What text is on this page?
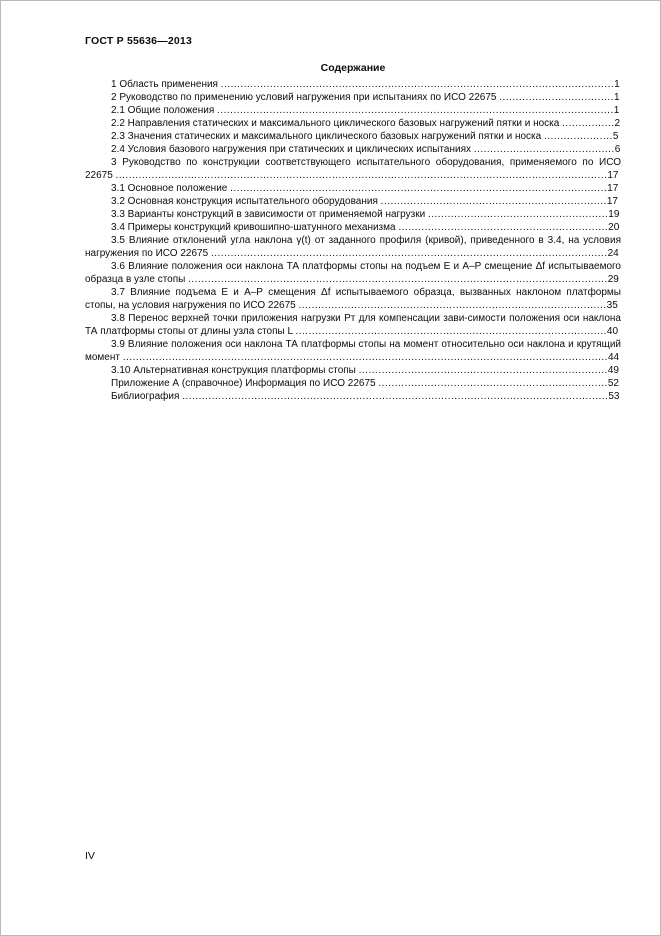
ГОСТ Р 55636—2013
Содержание
1 Область применения ........................................................................................................................1
2 Руководство по применению условий нагружения при испытаниях по ИСО 22675 ...................................1
2.1 Общие положения .........................................................................................................................1
2.2 Направления статических и максимального циклического базовых нагружений пятки и носка ................2
2.3 Значения статических и максимального циклического базовых нагружений пятки и носка .....................5
2.4 Условия базового нагружения при статических и циклических испытаниях ...........................................6
3 Руководство по конструкции соответствующего испытательного оборудования, применяемого по ИСО 22675 ......................................................................................................................................................17
3.1 Основное положение ...................................................................................................................17
3.2 Основная конструкция испытательного оборудования .....................................................................17
3.3 Варианты конструкций в зависимости от применяемой нагрузки .......................................................19
3.4 Примеры конструкций кривошипно-шатунного механизма ................................................................20
3.5 Влияние отклонений угла наклона γ(t) от заданного профиля (кривой), приведенного в 3.4, на условия нагружения по ИСО 22675 .........................................................................................................................24
3.6 Влияние положения оси наклона ТА платформы стопы на подъем Е и А–Р смещение Δf испытываемого образца в узле стопы ................................................................................................................................29
3.7 Влияние подъема Е и А–Р смещения Δf испытываемого образца, вызванных наклоном платформы стопы, на условия нагружения по ИСО 22675 ..............................................................................................35
3.8 Перенос верхней точки приложения нагрузки Pт для компенсации зави-симости положения оси наклона ТА платформы стопы от длины узла стопы L ...............................................................................................40
3.9 Влияние положения оси наклона ТА платформы стопы на момент относительно оси наклона и крутящий момент ....................................................................................................................................................44
3.10 Альтернативная конструкция платформы стопы ............................................................................49
Приложение А (справочное) Информация по ИСО 22675 ......................................................................52
Библиография ..................................................................................................................................53
IV
